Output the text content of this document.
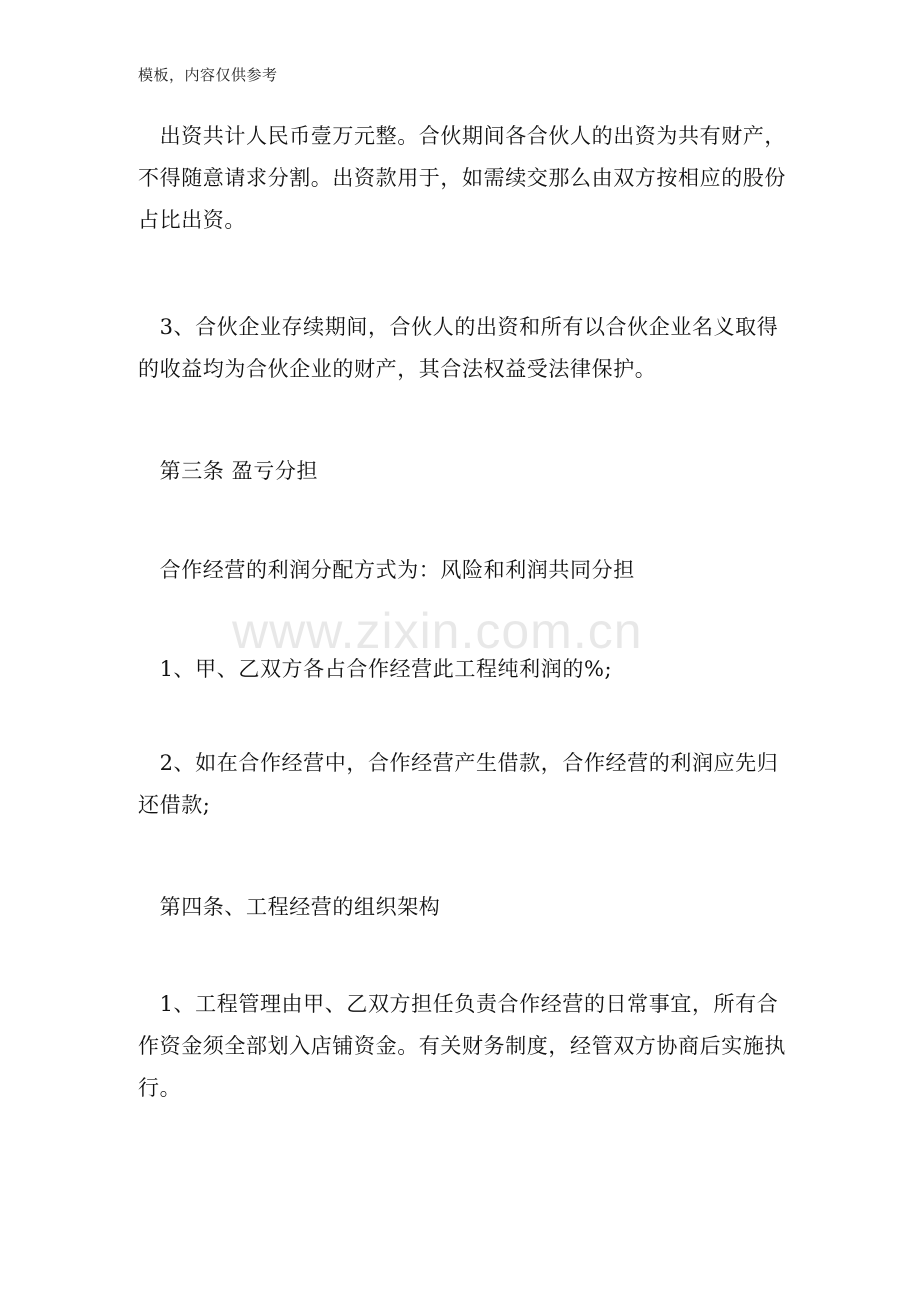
模板，内容仅供参考

　出资共计人民币壹万元整。合伙期间各合伙人的出资为共有财产，不得随意请求分割。出资款用于，如需续交那么由双方按相应的股份占比出资。

　3、合伙企业存续期间，合伙人的出资和所有以合伙企业名义取得的收益均为合伙企业的财产，其合法权益受法律保护。

　第三条 盈亏分担

　合作经营的利润分配方式为：风险和利润共同分担

　1、甲、乙双方各占合作经营此工程纯利润的%;

　2、如在合作经营中，合作经营产生借款，合作经营的利润应先归还借款;

　第四条、工程经营的组织架构

　1、工程管理由甲、乙双方担任负责合作经营的日常事宜，所有合作资金须全部划入店铺资金。有关财务制度，经管双方协商后实施执行。

www.zixin.com.cn
